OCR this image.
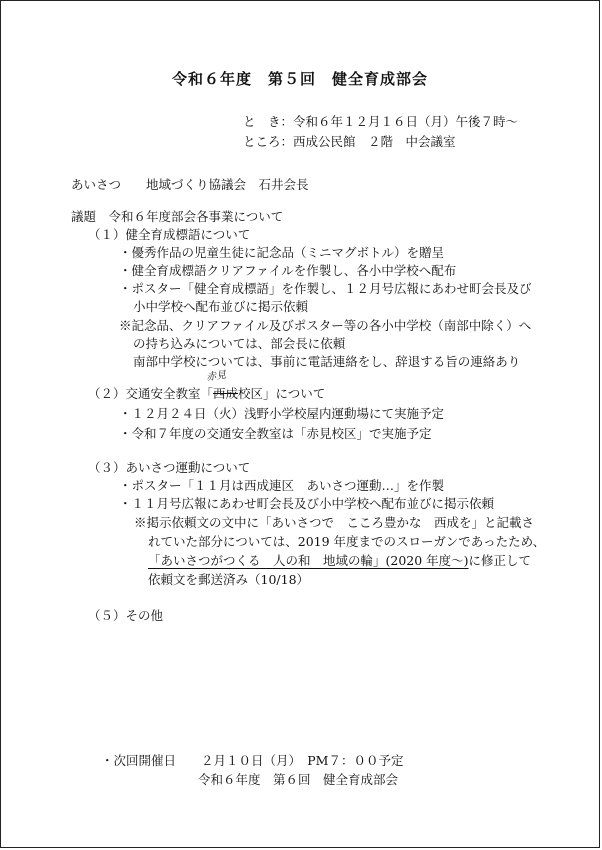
令和６年度　第５回　健全育成部会
と　き：令和６年１２月１６日（月）午後７時～
ところ：西成公民館　２階　中会議室
あいさつ　　地域づくり協議会　石井会長
議題　令和６年度部会各事業について
（１）健全育成標語について
・優秀作品の児童生徒に記念品（ミニマグボトル）を贈呈
・健全育成標語クリアファイルを作製し、各小中学校へ配布
・ポスター「健全育成標語」を作製し、１２月号広報にあわせ町会長及び
小中学校へ配布並びに掲示依頼
※記念品、クリアファイル及びポスター等の各小中学校（南部中除く）へ
の持ち込みについては、部会長に依頼
南部中学校については、事前に電話連絡をし、辞退する旨の連絡あり
赤見
（２）交通安全教室「西成校区」について
・１２月２４日（火）浅野小学校屋内運動場にて実施予定
・令和７年度の交通安全教室は「赤見校区」で実施予定
（３）あいさつ運動について
・ポスター「１１月は西成連区　あいさつ運動…」を作製
・１１月号広報にあわせ町会長及び小中学校へ配布並びに掲示依頼
※掲示依頼文の文中に「あいさつで　こころ豊かな　西成を」と記載さ
れていた部分については、2019 年度までのスローガンであったため、
「あいさつがつくる　人の和　地域の輪」(2020 年度～)に修正して
依頼文を郵送済み（10/18）
（５）その他
・次回開催日　　２月１０日（月）　PM７：００予定
令和６年度　第６回　健全育成部会
